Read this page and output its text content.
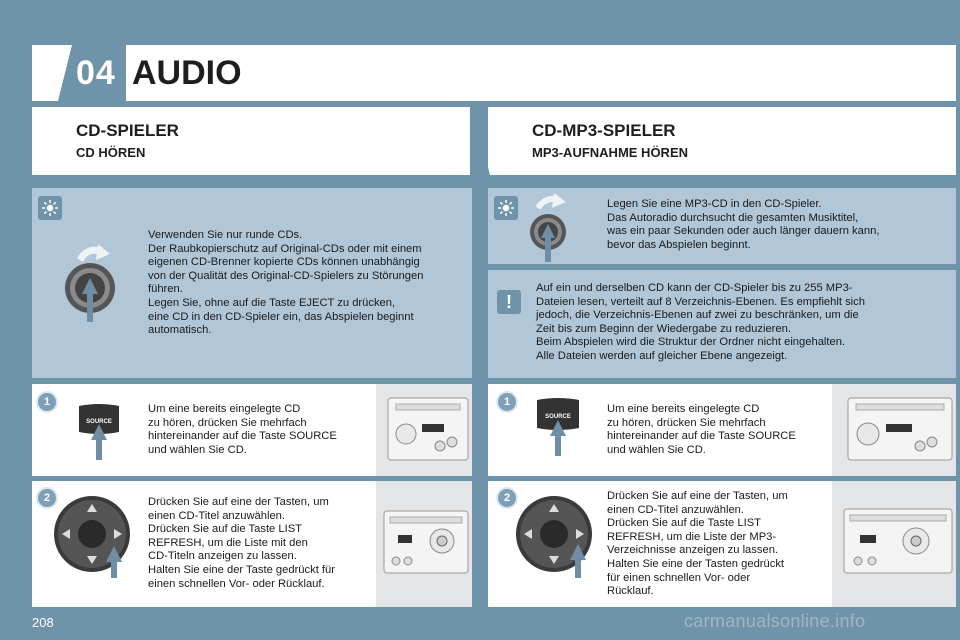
04 AUDIO
CD-SPIELER
CD HÖREN
CD-MP3-SPIELER
MP3-AUFNAHME HÖREN
Verwenden Sie nur runde CDs.
Der Raubkopierschutz auf Original-CDs oder mit einem
eigenen CD-Brenner kopierte CDs können unabhängig
von der Qualität des Original-CD-Spielers zu Störungen
führen.
Legen Sie, ohne auf die Taste EJECT zu drücken,
eine CD in den CD-Spieler ein, das Abspielen beginnt
automatisch.
1
SOURCE
Um eine bereits eingelegte CD
zu hören, drücken Sie mehrfach
hintereinander auf die Taste SOURCE
und wählen Sie CD.
2	Drücken Sie auf eine der Tasten, um
einen CD-Titel anzuwählen.
Drücken Sie auf die Taste LIST
REFRESH, um die Liste mit den
CD-Titeln anzeigen zu lassen.
Halten Sie eine der Taste gedrückt für
einen schnellen Vor- oder Rücklauf.
Legen Sie eine MP3-CD in den CD-Spieler.
Das Autoradio durchsucht die gesamten Musiktitel,
was ein paar Sekunden oder auch länger dauern kann,
bevor das Abspielen beginnt.
!
Auf ein und derselben CD kann der CD-Spieler bis zu 255 MP3-
Dateien lesen, verteilt auf 8 Verzeichnis-Ebenen. Es empfiehlt sich
jedoch, die Verzeichnis-Ebenen auf zwei zu beschränken, um die
Zeit bis zum Beginn der Wiedergabe zu reduzieren.
Beim Abspielen wird die Struktur der Ordner nicht eingehalten.
Alle Dateien werden auf gleicher Ebene angezeigt.
1
SOURCE
Um eine bereits eingelegte CD
zu hören, drücken Sie mehrfach
hintereinander auf die Taste SOURCE
und wählen Sie CD.
2	Drücken Sie auf eine der Tasten, um
einen CD-Titel anzuwählen.
Drücken Sie auf die Taste LIST
REFRESH, um die Liste der MP3-
Verzeichnisse anzeigen zu lassen.
Halten Sie eine der Tasten gedrückt
für einen schnellen Vor- oder
Rücklauf.
208	carmanualsonline.info
